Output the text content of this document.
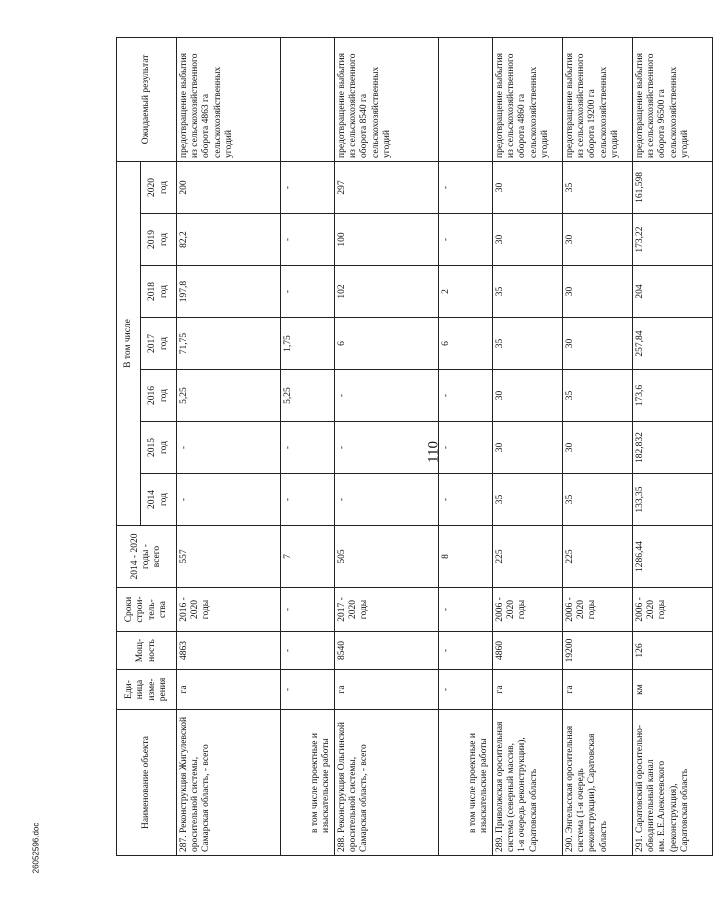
110
26052596.doc
Наименование объекта	Еди-
ница
изме-
рения	Мощ-
ность	Сроки
строи-
тель-
ства	2014 - 2020
годы -
всего	В том числе							Ожидаемый результат
					2014
год	2015
год	2016
год	2017
год	2018
год	2019
год	2020
год	
287. Реконструкция Жигулевской
оросительной системы,
Самарская область, - всего	га	4863	2016 -
2020
годы	557	-	-	5,25	71,75	197,8	82,2	200	предотвращение выбытия
из сельскохозяйственного
оборота 4863 га
сельскохозяйственных
угодий
в том числе проектные и
изыскательские работы	-	-	-	7	-	-	5,25	1,75	-	-	-	
288. Реконструкция Ольгинской
оросительной системы,
Самарская область, - всего	га	8540	2017 -
2020
годы	505	-	-	-	6	102	100	297	предотвращение выбытия
из сельскохозяйственного
оборота 8540 га
сельскохозяйственных
угодий
в том числе проектные и
изыскательские работы	-	-	-	8	-	-	-	6	2	-	-	
289. Приволжская оросительная
система (северный массив,
1-я очередь реконструкции),
Саратовская область	га	4860	2006 -
2020
годы	225	35	30	30	35	35	30	30	предотвращение выбытия
из сельскохозяйственного
оборота 4860 га
сельскохозяйственных
угодий
290. Энгельсская оросительная
система (1-я очередь
реконструкции), Саратовская
область	га	19200	2006 -
2020
годы	225	35	30	35	30	30	30	35	предотвращение выбытия
из сельскохозяйственного
оборота 19200 га
сельскохозяйственных
угодий
291. Саратовский оросительно-
обводнительный канал
им. Е.Е.Алексеевского
(реконструкция),
Саратовская область	км	126	2006 -
2020
годы	1286,44	133,35	182,832	173,6	257,84	204	173,22	161,598	предотвращение выбытия
из сельскохозяйственного
оборота 96500 га
сельскохозяйственных
угодий
